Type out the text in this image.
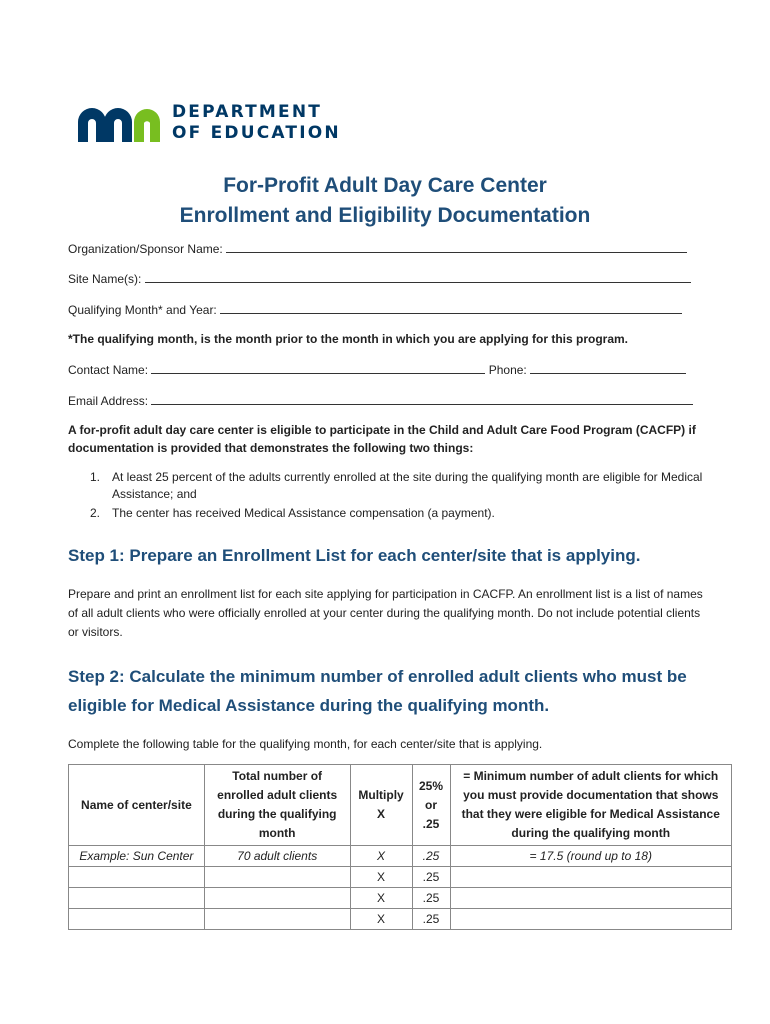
DEPARTMENT
OF EDUCATION
For-Profit Adult Day Care Center
Enrollment and Eligibility Documentation
Organization/Sponsor Name:
Site Name(s):
Qualifying Month* and Year:
*The qualifying month, is the month prior to the month in which you are applying for this program.
Contact Name:	Phone:
Email Address:
A for-profit adult day care center is eligible to participate in the Child and Adult Care Food Program (CACFP) if documentation is provided that demonstrates the following two things:
1. At least 25 percent of the adults currently enrolled at the site during the qualifying month are eligible for Medical Assistance; and
2. The center has received Medical Assistance compensation (a payment).
Step 1: Prepare an Enrollment List for each center/site that is applying.
Prepare and print an enrollment list for each site applying for participation in CACFP. An enrollment list is a list of names of all adult clients who were officially enrolled at your center during the qualifying month. Do not include potential clients or visitors.
Step 2: Calculate the minimum number of enrolled adult clients who must be eligible for Medical Assistance during the qualifying month.
Complete the following table for the qualifying month, for each center/site that is applying.
Name of center/site	Total number of enrolled adult clients during the qualifying month	Multiply X	25% or .25	= Minimum number of adult clients for which you must provide documentation that shows that they were eligible for Medical Assistance during the qualifying month
Example: Sun Center	70 adult clients	X	.25	= 17.5 (round up to 18)
		X	.25	
		X	.25	
		X	.25	
